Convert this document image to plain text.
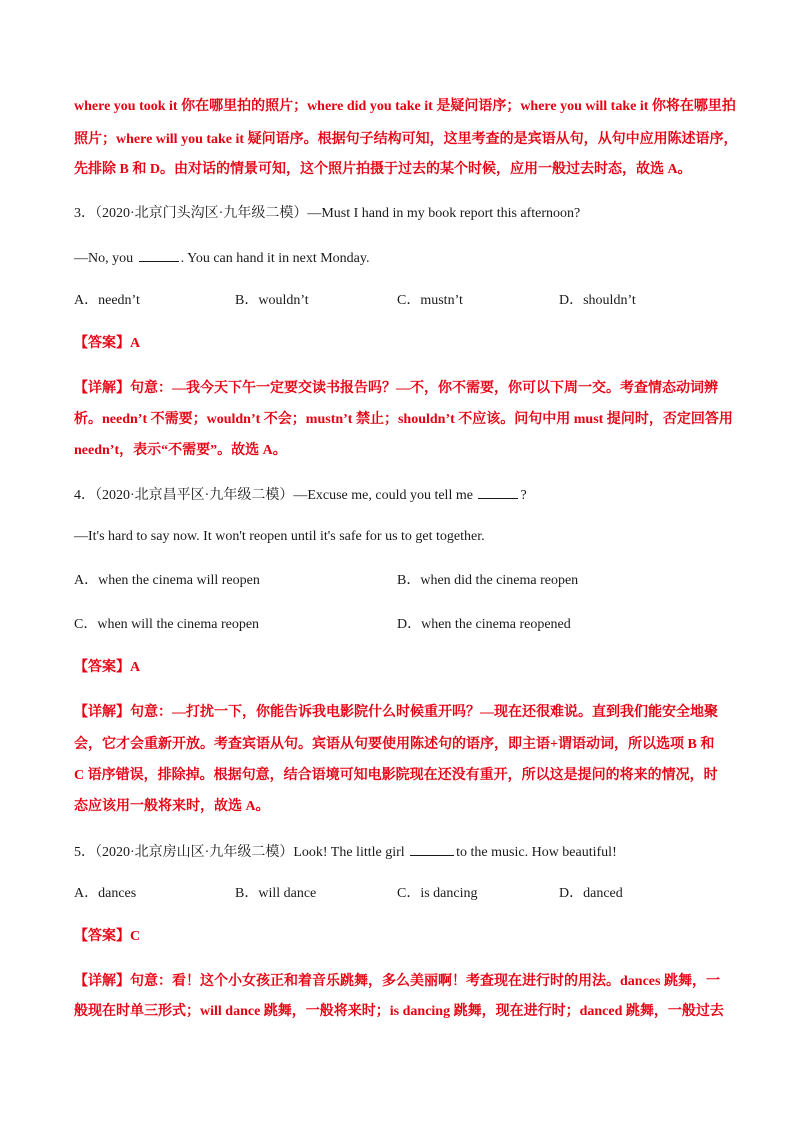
where you took it 你在哪里拍的照片；where did you take it 是疑问语序；where you will take it 你将在哪里拍
照片；where will you take it 疑问语序。根据句子结构可知，这里考查的是宾语从句，从句中应用陈述语序，
先排除 B 和 D。由对话的情景可知，这个照片拍摄于过去的某个时候，应用一般过去时态，故选 A。
3．（2020·北京门头沟区·九年级二模）—Must I hand in my book report this afternoon?
—No, you	. You can hand it in next Monday.
A．needn’t	B．wouldn’t	C．mustn’t	D．shouldn’t
【答案】A
【详解】句意：—我今天下午一定要交读书报告吗？—不，你不需要，你可以下周一交。考查情态动词辨
析。needn’t 不需要；wouldn’t 不会；mustn’t 禁止；shouldn’t 不应该。问句中用 must 提问时，否定回答用
needn’t，表示“不需要”。故选 A。
4．（2020·北京昌平区·九年级二模）—Excuse me, could you tell me	?
—It's hard to say now. It won't reopen until it's safe for us to get together.
A．when the cinema will reopen	B．when did the cinema reopen
C．when will the cinema reopen	D．when the cinema reopened
【答案】A
【详解】句意：—打扰一下，你能告诉我电影院什么时候重开吗？—现在还很难说。直到我们能安全地聚
会，它才会重新开放。考查宾语从句。宾语从句要使用陈述句的语序，即主语+谓语动词，所以选项 B 和
C 语序错误，排除掉。根据句意，结合语境可知电影院现在还没有重开，所以这是提问的将来的情况，时
态应该用一般将来时，故选 A。
5．（2020·北京房山区·九年级二模）Look! The little girl	to the music. How beautiful!
A．dances	B．will dance	C．is dancing	D．danced
【答案】C
【详解】句意：看！这个小女孩正和着音乐跳舞，多么美丽啊！考查现在进行时的用法。dances 跳舞，一
般现在时单三形式；will dance 跳舞，一般将来时；is dancing 跳舞，现在进行时；danced 跳舞，一般过去
